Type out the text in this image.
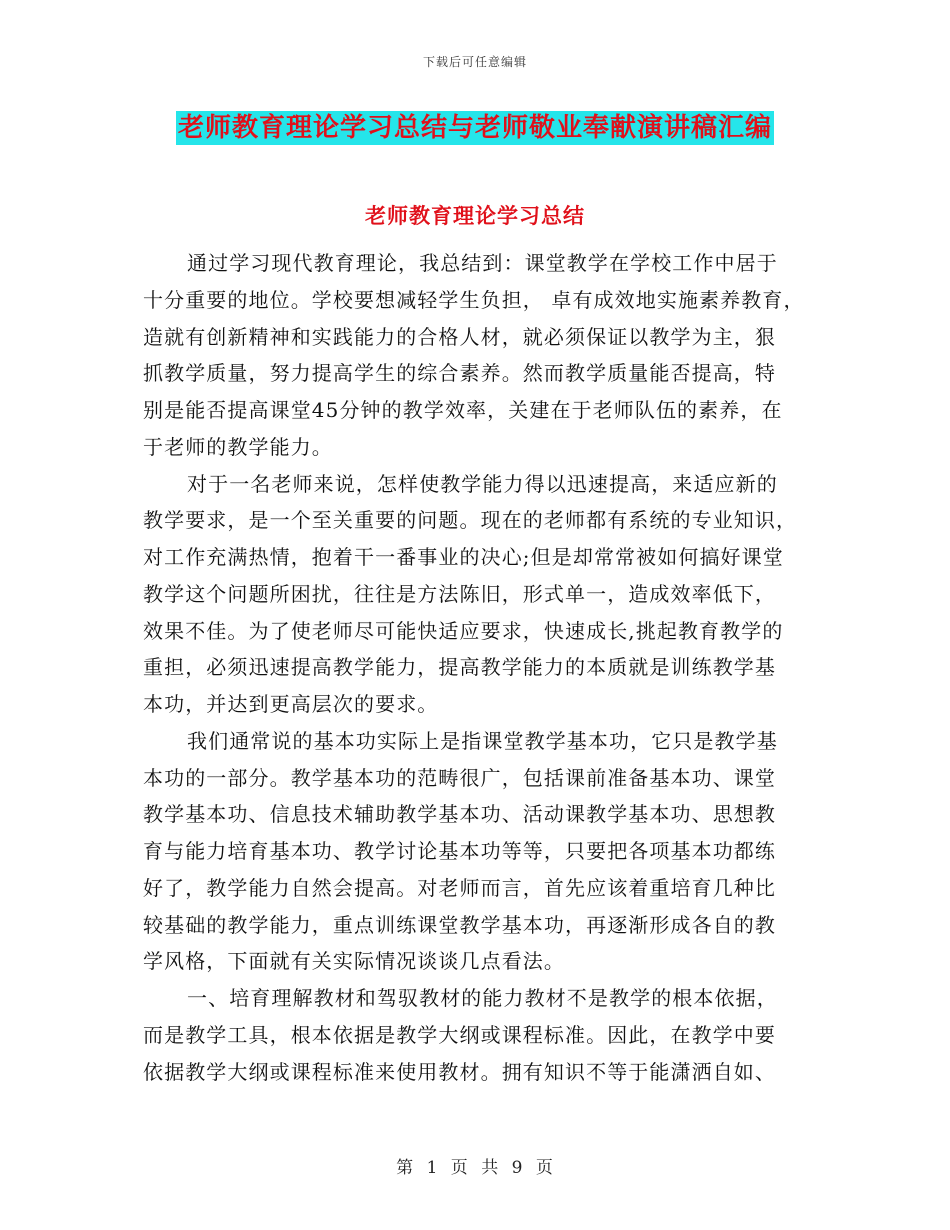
下载后可任意编辑
老师教育理论学习总结与老师敬业奉献演讲稿汇编
老师教育理论学习总结
通过学习现代教育理论，我总结到：课堂教学在学校工作中居于
十分重要的地位。学校要想减轻学生负担， 卓有成效地实施素养教育，
造就有创新精神和实践能力的合格人材，就必须保证以教学为主，狠
抓教学质量，努力提高学生的综合素养。然而教学质量能否提高，特
别是能否提高课堂45分钟的教学效率，关建在于老师队伍的素养，在
于老师的教学能力。
对于一名老师来说，怎样使教学能力得以迅速提高，来适应新的
教学要求，是一个至关重要的问题。现在的老师都有系统的专业知识，
对工作充满热情，抱着干一番事业的决心;但是却常常被如何搞好课堂
教学这个问题所困扰，往往是方法陈旧，形式单一，造成效率低下，
效果不佳。为了使老师尽可能快适应要求，快速成长,挑起教育教学的
重担，必须迅速提高教学能力，提高教学能力的本质就是训练教学基
本功，并达到更高层次的要求。
我们通常说的基本功实际上是指课堂教学基本功，它只是教学基
本功的一部分。教学基本功的范畴很广，包括课前准备基本功、课堂
教学基本功、信息技术辅助教学基本功、活动课教学基本功、思想教
育与能力培育基本功、教学讨论基本功等等，只要把各项基本功都练
好了，教学能力自然会提高。对老师而言，首先应该着重培育几种比
较基础的教学能力，重点训练课堂教学基本功，再逐渐形成各自的教
学风格，下面就有关实际情况谈谈几点看法。
一、培育理解教材和驾驭教材的能力教材不是教学的根本依据，
而是教学工具，根本依据是教学大纲或课程标准。因此，在教学中要
依据教学大纲或课程标准来使用教材。拥有知识不等于能潇洒自如、
第 1 页 共 9 页
